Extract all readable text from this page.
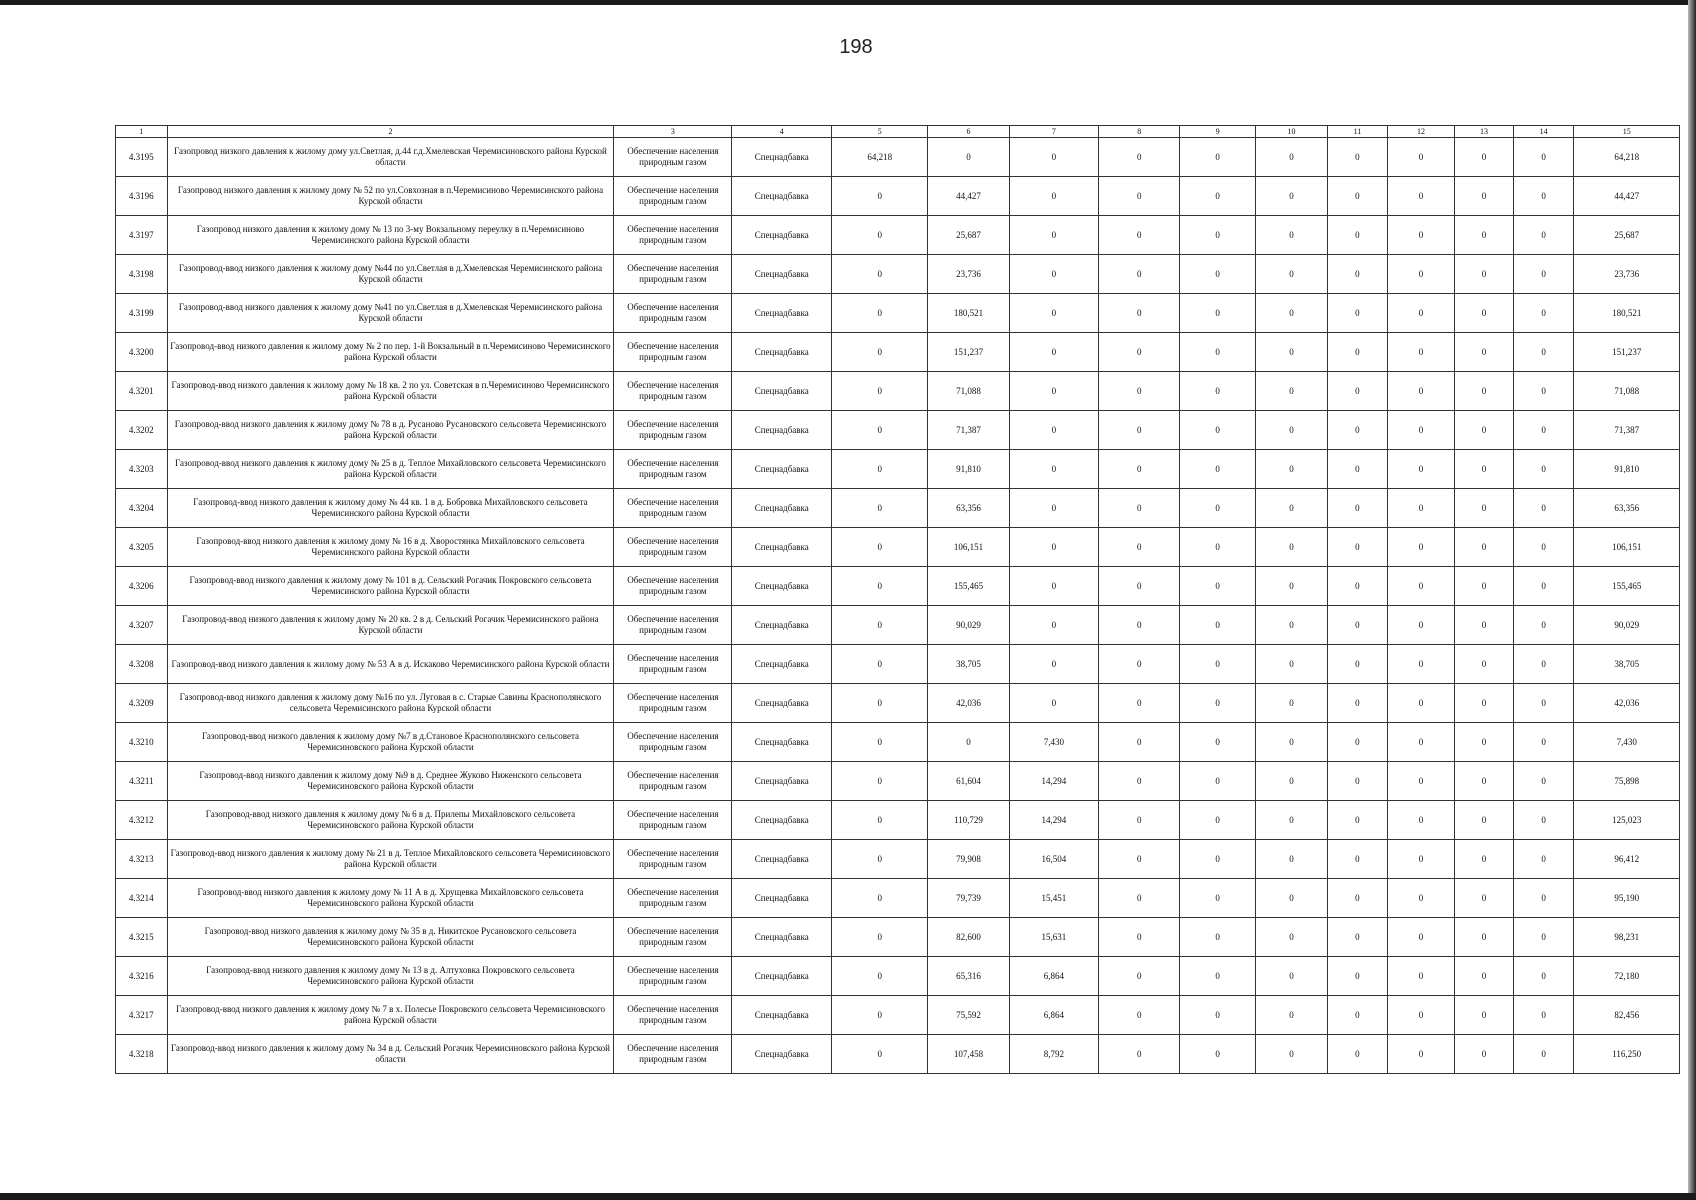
198
1	2	3	4	5	6	7	8	9	10	11	12	13	14	15
4.3195	Газопровод низкого давления к жилому дому ул.Светлая, д.44 г.д.Хмелевская Черемисиновского района Курской области	Обеспечение населения природным газом	Спецнадбавка	64,218	0	0	0	0	0	0	0	0	0	64,218
4.3196	Газопровод низкого давления к жилому дому № 52 по ул.Совхозная в п.Черемисиново Черемисинского района Курской области	Обеспечение населения природным газом	Спецнадбавка	0	44,427	0	0	0	0	0	0	0	0	44,427
4.3197	Газопровод низкого давления к жилому дому № 13 по 3-му Вокзальному переулку в п.Черемисиново Черемисинского района Курской области	Обеспечение населения природным газом	Спецнадбавка	0	25,687	0	0	0	0	0	0	0	0	25,687
4.3198	Газопровод-ввод низкого давления к жилому дому №44 по ул.Светлая в д.Хмелевская Черемисинского района Курской области	Обеспечение населения природным газом	Спецнадбавка	0	23,736	0	0	0	0	0	0	0	0	23,736
4.3199	Газопровод-ввод низкого давления к жилому дому №41 по ул.Светлая в д.Хмелевская Черемисинского района Курской области	Обеспечение населения природным газом	Спецнадбавка	0	180,521	0	0	0	0	0	0	0	0	180,521
4.3200	Газопровод-ввод низкого давления к жилому дому № 2 по пер. 1-й Вокзальный в п.Черемисиново Черемисинского района Курской области	Обеспечение населения природным газом	Спецнадбавка	0	151,237	0	0	0	0	0	0	0	0	151,237
4.3201	Газопровод-ввод низкого давления к жилому дому № 18 кв. 2 по ул. Советская в п.Черемисиново Черемисинского района Курской области	Обеспечение населения природным газом	Спецнадбавка	0	71,088	0	0	0	0	0	0	0	0	71,088
4.3202	Газопровод-ввод низкого давления к жилому дому № 78 в д. Русаново Русановского сельсовета Черемисинского района Курской области	Обеспечение населения природным газом	Спецнадбавка	0	71,387	0	0	0	0	0	0	0	0	71,387
4.3203	Газопровод-ввод низкого давления к жилому дому № 25 в д. Теплое Михайловского сельсовета Черемисинского района Курской области	Обеспечение населения природным газом	Спецнадбавка	0	91,810	0	0	0	0	0	0	0	0	91,810
4.3204	Газопровод-ввод низкого давления к жилому дому № 44 кв. 1 в д. Бобровка Михайловского сельсовета Черемисинского района Курской области	Обеспечение населения природным газом	Спецнадбавка	0	63,356	0	0	0	0	0	0	0	0	63,356
4.3205	Газопровод-ввод низкого давления к жилому дому № 16 в д. Хворостянка Михайловского сельсовета Черемисинского района Курской области	Обеспечение населения природным газом	Спецнадбавка	0	106,151	0	0	0	0	0	0	0	0	106,151
4.3206	Газопровод-ввод низкого давления к жилому дому № 101 в д. Сельский Рогачик Покровского сельсовета Черемисинского района Курской области	Обеспечение населения природным газом	Спецнадбавка	0	155,465	0	0	0	0	0	0	0	0	155,465
4.3207	Газопровод-ввод низкого давления к жилому дому № 20 кв. 2 в д. Сельский Рогачик Черемисинского района Курской области	Обеспечение населения природным газом	Спецнадбавка	0	90,029	0	0	0	0	0	0	0	0	90,029
4.3208	Газопровод-ввод низкого давления к жилому дому № 53 А в д. Искаково Черемисинского района Курской области	Обеспечение населения природным газом	Спецнадбавка	0	38,705	0	0	0	0	0	0	0	0	38,705
4.3209	Газопровод-ввод низкого давления к жилому дому №16 по ул. Луговая в с. Старые Савины Краснополянского сельсовета Черемисинского района Курской области	Обеспечение населения природным газом	Спецнадбавка	0	42,036	0	0	0	0	0	0	0	0	42,036
4.3210	Газопровод-ввод низкого давления к жилому дому №7 в д.Становое Краснополянского сельсовета Черемисиновского района Курской области	Обеспечение населения природным газом	Спецнадбавка	0	0	7,430	0	0	0	0	0	0	0	7,430
4.3211	Газопровод-ввод низкого давления к жилому дому №9 в д. Среднее Жуково Ниженского сельсовета Черемисиновского района Курской области	Обеспечение населения природным газом	Спецнадбавка	0	61,604	14,294	0	0	0	0	0	0	0	75,898
4.3212	Газопровод-ввод низкого давления к жилому дому № 6 в д. Прилепы Михайловского сельсовета Черемисиновского района Курской области	Обеспечение населения природным газом	Спецнадбавка	0	110,729	14,294	0	0	0	0	0	0	0	125,023
4.3213	Газопровод-ввод низкого давления к жилому дому № 21 в д. Теплое Михайловского сельсовета Черемисиновского района Курской области	Обеспечение населения природным газом	Спецнадбавка	0	79,908	16,504	0	0	0	0	0	0	0	96,412
4.3214	Газопровод-ввод низкого давления к жилому дому № 11 А в д. Хрущевка Михайловского сельсовета Черемисиновского района Курской области	Обеспечение населения природным газом	Спецнадбавка	0	79,739	15,451	0	0	0	0	0	0	0	95,190
4.3215	Газопровод-ввод низкого давления к жилому дому № 35 в д. Никитское Русановского сельсовета Черемисиновского района Курской области	Обеспечение населения природным газом	Спецнадбавка	0	82,600	15,631	0	0	0	0	0	0	0	98,231
4.3216	Газопровод-ввод низкого давления к жилому дому № 13 в д. Алтуховка Покровского сельсовета Черемисиновского района Курской области	Обеспечение населения природным газом	Спецнадбавка	0	65,316	6,864	0	0	0	0	0	0	0	72,180
4.3217	Газопровод-ввод низкого давления к жилому дому № 7 в х. Полесье Покровского сельсовета Черемисиновского района Курской области	Обеспечение населения природным газом	Спецнадбавка	0	75,592	6,864	0	0	0	0	0	0	0	82,456
4.3218	Газопровод-ввод низкого давления к жилому дому № 34 в д. Сельский Рогачик Черемисиновского района Курской области	Обеспечение населения природным газом	Спецнадбавка	0	107,458	8,792	0	0	0	0	0	0	0	116,250
